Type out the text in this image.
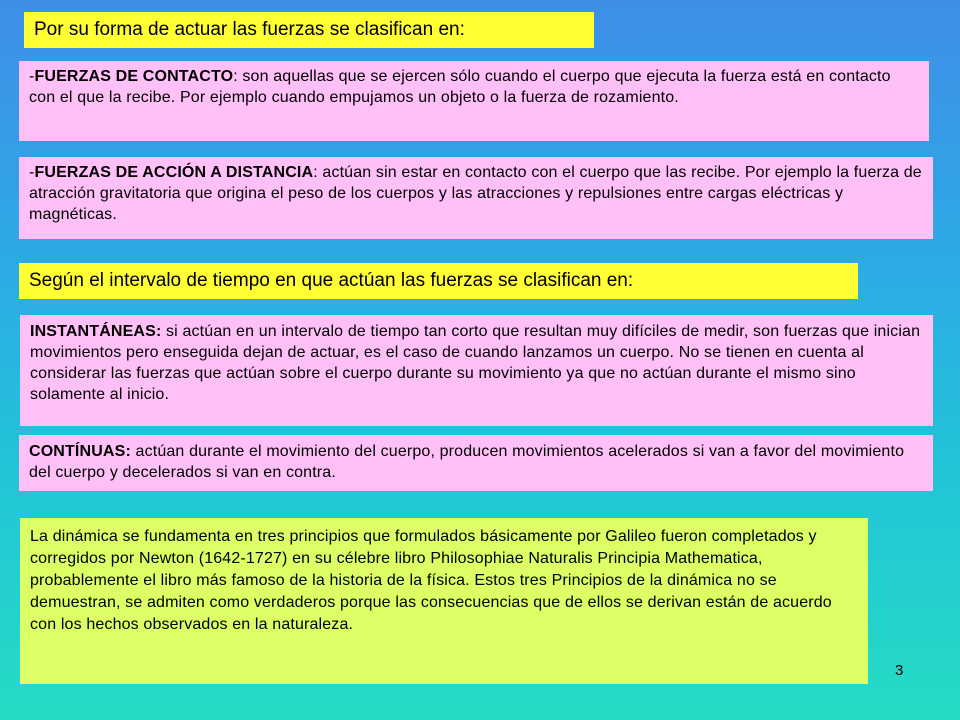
Por su forma de actuar las fuerzas se clasifican en:
-FUERZAS DE CONTACTO: son aquellas que se ejercen sólo cuando el cuerpo que ejecuta la fuerza está en contacto con el que la recibe. Por ejemplo cuando empujamos un objeto o la fuerza de rozamiento.
-FUERZAS DE ACCIÓN A DISTANCIA: actúan sin estar en contacto con el cuerpo que las recibe. Por ejemplo la fuerza de atracción gravitatoria que origina el peso de los cuerpos y las atracciones y repulsiones entre cargas eléctricas y magnéticas.
Según el intervalo de tiempo en que actúan las fuerzas se clasifican en:
INSTANTÁNEAS: si actúan en un intervalo de tiempo tan corto que resultan muy difíciles de medir, son fuerzas que inician movimientos pero enseguida dejan de actuar, es el caso de cuando lanzamos un cuerpo. No se tienen en cuenta al considerar las fuerzas que actúan sobre el cuerpo durante su movimiento ya que no actúan durante el mismo sino solamente al inicio.
CONTÍNUAS: actúan durante el movimiento del cuerpo, producen movimientos acelerados si van a favor del movimiento del cuerpo y decelerados si van en contra.
La dinámica se fundamenta en tres principios que formulados básicamente por Galileo fueron completados y corregidos por Newton (1642-1727) en su célebre libro Philosophiae Naturalis Principia Mathematica, probablemente el libro más famoso de la historia de la física. Estos tres Principios de la dinámica no se demuestran, se admiten como verdaderos porque las consecuencias que de ellos se derivan están de acuerdo con los hechos observados en la naturaleza.
3
